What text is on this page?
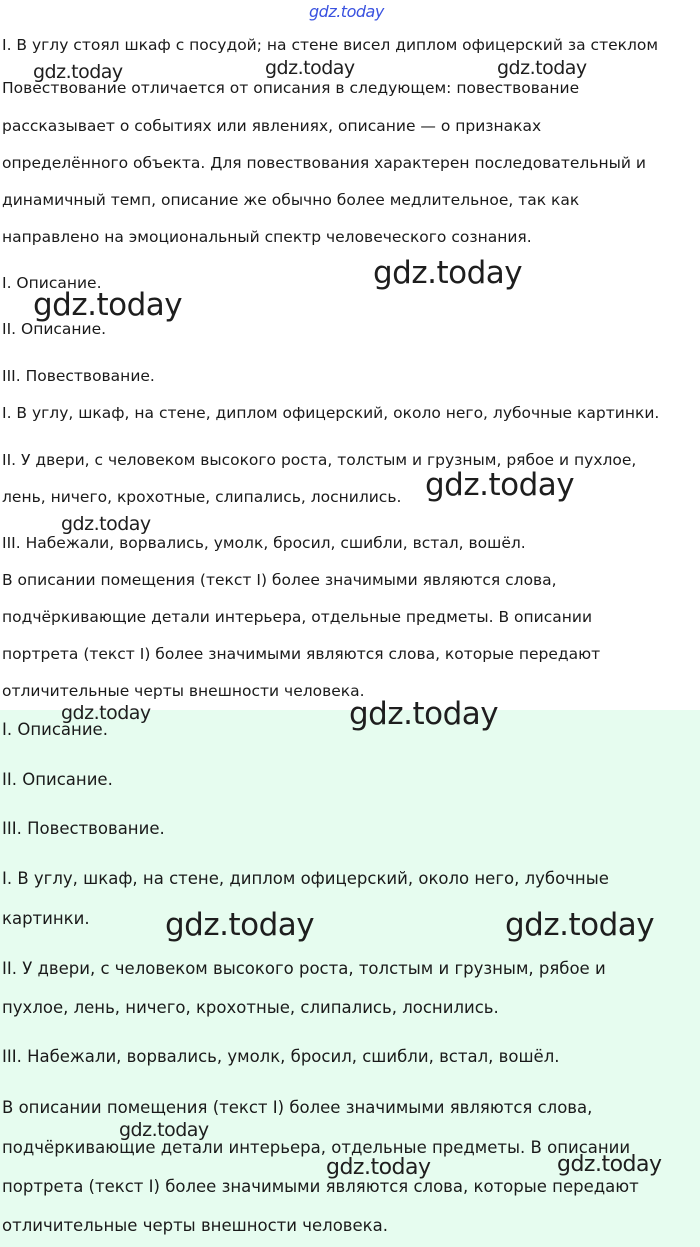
I. В углу стоял шкаф с посудой; на стене висел диплом офицерский за стеклом
Повествование отличается от описания в следующем: повествование
рассказывает о событиях или явлениях, описание — о признаках
определённого объекта. Для повествования характерен последовательный и
динамичный темп, описание же обычно более медлительное, так как
направлено на эмоциональный спектр человеческого сознания.
I. Описание.
II. Описание.
III. Повествование.
I. В углу, шкаф, на стене, диплом офицерский, около него, лубочные картинки.
II. У двери, с человеком высокого роста, толстым и грузным, рябое и пухлое,
лень, ничего, крохотные, слипались, лоснились.
III. Набежали, ворвались, умолк, бросил, сшибли, встал, вошёл.
В описании помещения (текст I) более значимыми являются слова,
подчёркивающие детали интерьера, отдельные предметы. В описании
портрета (текст I) более значимыми являются слова, которые передают
отличительные черты внешности человека.
I. Описание.
II. Описание.
III. Повествование.
I. В углу, шкаф, на стене, диплом офицерский, около него, лубочные
картинки.
II. У двери, с человеком высокого роста, толстым и грузным, рябое и
пухлое, лень, ничего, крохотные, слипались, лоснились.
III. Набежали, ворвались, умолк, бросил, сшибли, встал, вошёл.
В описании помещения (текст I) более значимыми являются слова,
подчёркивающие детали интерьера, отдельные предметы. В описании
портрета (текст I) более значимыми являются слова, которые передают
отличительные черты внешности человека.
gdz.today
gdz.today	gdz.today	gdz.today
gdz.today
gdz.today
gdz.today
gdz.today
gdz.today	gdz.today
gdz.today	gdz.today
gdz.today
gdz.today	gdz.today
